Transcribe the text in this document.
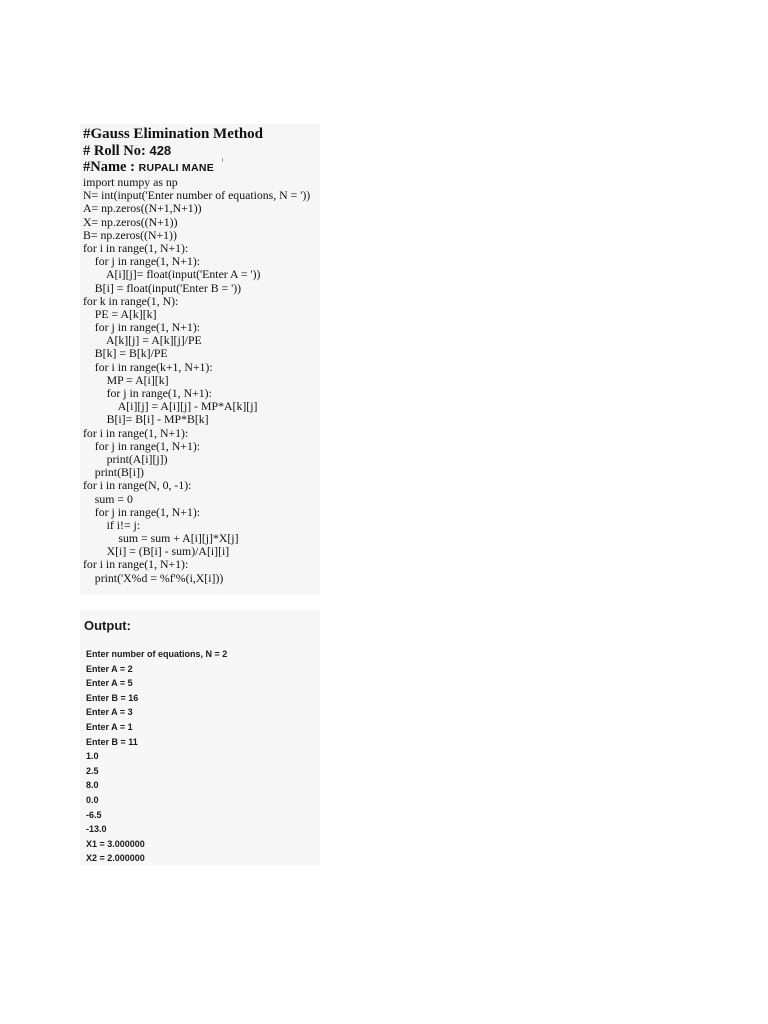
#Gauss Elimination Method
# Roll No: 428
#Name : RUPALI MANE
import numpy as np
N= int(input('Enter number of equations, N = '))
A= np.zeros((N+1,N+1))
X= np.zeros((N+1))
B= np.zeros((N+1))
for i in range(1, N+1):
for j in range(1, N+1):
A[i][j]= float(input('Enter A = '))
B[i] = float(input('Enter B = '))
for k in range(1, N):
PE = A[k][k]
for j in range(1, N+1):
A[k][j] = A[k][j]/PE
B[k] = B[k]/PE
for i in range(k+1, N+1):
MP = A[i][k]
for j in range(1, N+1):
A[i][j] = A[i][j] - MP*A[k][j]
B[i]= B[i] - MP*B[k]
for i in range(1, N+1):
for j in range(1, N+1):
print(A[i][j])
print(B[i])
for i in range(N, 0, -1):
sum = 0
for j in range(1, N+1):
if i!= j:
sum = sum + A[i][j]*X[j]
X[i] = (B[i] - sum)/A[i][i]
for i in range(1, N+1):
print('X%d = %f'%(i,X[i]))
Output:
Enter number of equations, N = 2
Enter A = 2
Enter A = 5
Enter B = 16
Enter A = 3
Enter A = 1
Enter B = 11
1.0
2.5
8.0
0.0
-6.5
-13.0
X1 = 3.000000
X2 = 2.000000
